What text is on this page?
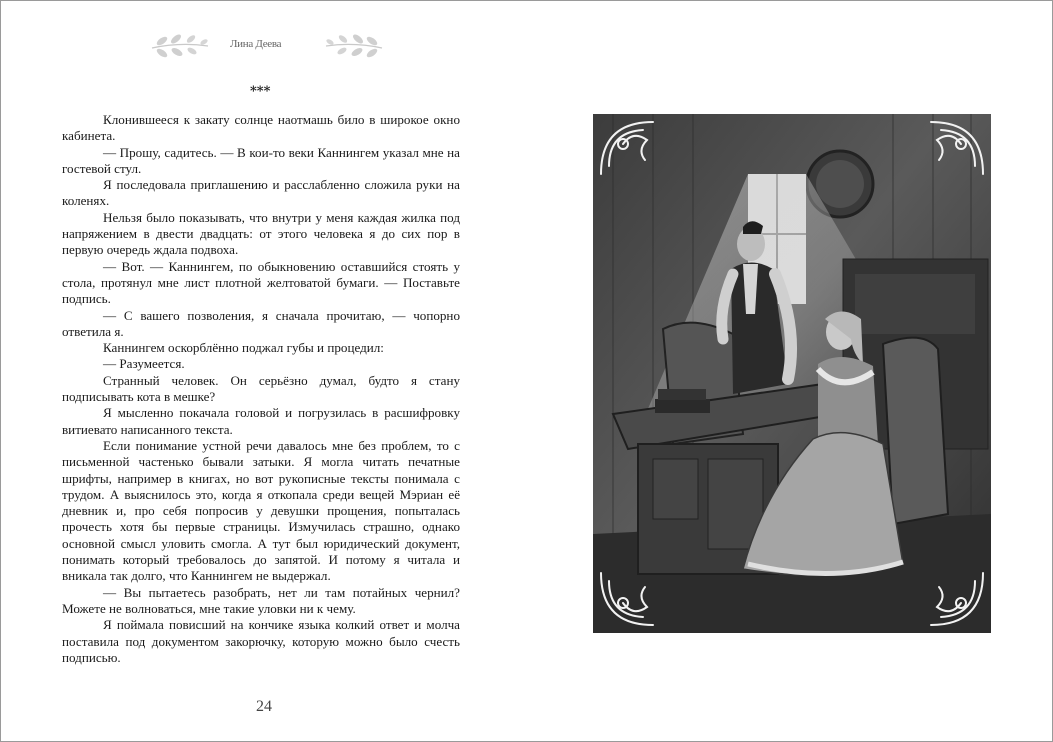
Лина Деева
***

Клонившееся к закату солнце наотмашь било в широкое окно кабинета.

— Прошу, садитесь. — В кои-то веки Каннингем указал мне на гостевой стул.

Я последовала приглашению и расслабленно сложила руки на коленях.

Нельзя было показывать, что внутри у меня каждая жилка под напряжением в двести двадцать: от этого человека я до сих пор в первую очередь ждала подвоха.

— Вот. — Каннингем, по обыкновению оставшийся стоять у стола, протянул мне лист плотной желтоватой бумаги. — Поставьте подпись.

— С вашего позволения, я сначала прочитаю, — чопорно ответила я.

Каннингем оскорблённо поджал губы и процедил:

— Разумеется.

Странный человек. Он серьёзно думал, будто я стану подписывать кота в мешке?

Я мысленно покачала головой и погрузилась в расшифровку витиевато написанного текста.

Если понимание устной речи давалось мне без проблем, то с письменной частенько бывали затыки. Я могла читать печатные шрифты, например в книгах, но вот рукописные тексты понимала с трудом. А выяснилось это, когда я откопала среди вещей Мэриан её дневник и, про себя попросив у девушки прощения, попыталась прочесть хотя бы первые страницы. Измучилась страшно, однако основной смысл уловить смогла. А тут был юридический документ, понимать который требовалось до запятой. И потому я читала и вникала так долго, что Каннингем не выдержал.

— Вы пытаетесь разобрать, нет ли там потайных чернил? Можете не волноваться, мне такие уловки ни к чему.

Я поймала повисший на кончике языка колкий ответ и молча поставила под документом закорючку, которую можно было счесть подписью.

24
